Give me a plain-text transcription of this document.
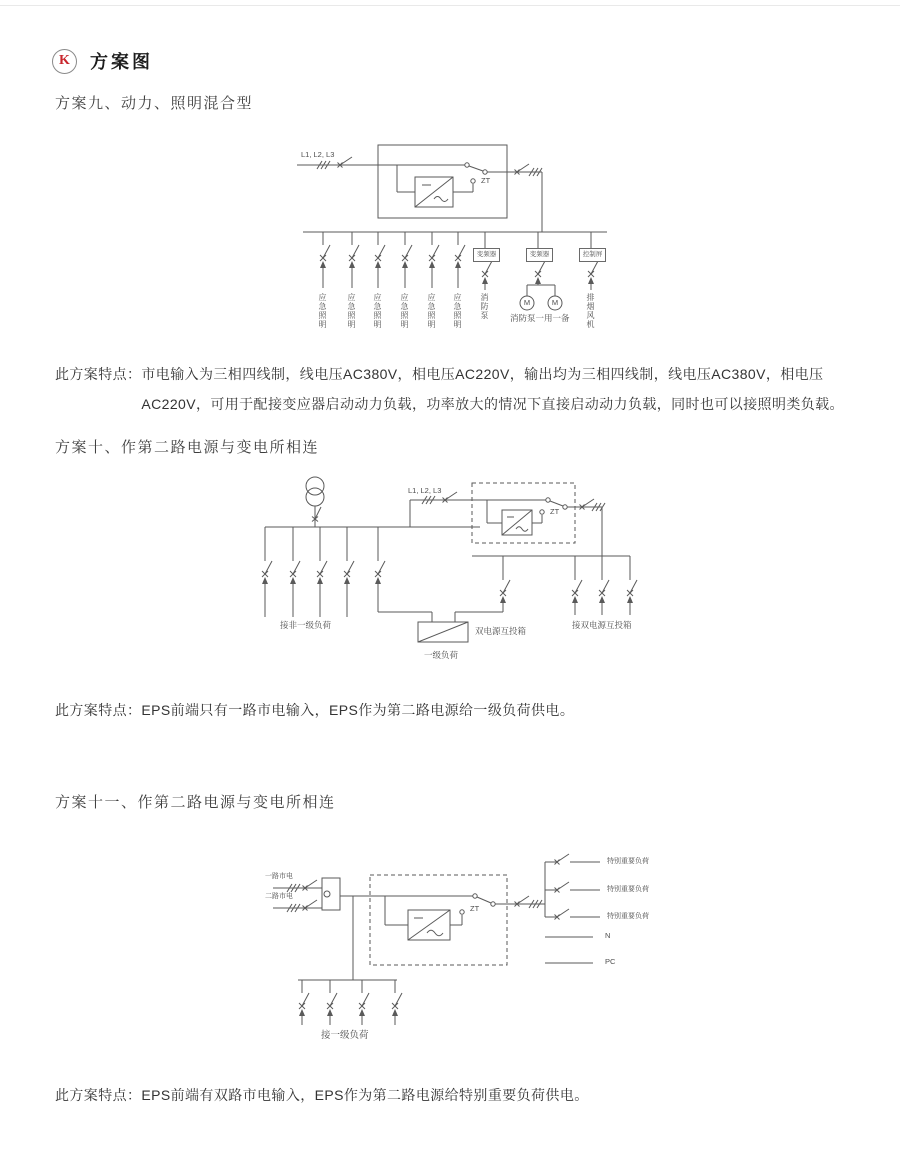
K 方案图
方案九、动力、照明混合型
L1, L2, L3
ZT
变频器	变频器	控制屏
应急照明	应急照明 应急照明 应急照明 应急照明 应急照明 消防泵	M	M
消防泵一用一备 排烟风机
此方案特点： 市电输入为三相四线制，线电压AC380V，相电压AC220V，输出均为三相四线制，线电压AC380V，相电压AC220V，可用于配接变应器启动动力负载，功率放大的情况下直接启动动力负载，同时也可以接照明类负载。
方案十、作第二路电源与变电所相连
L1, L2, L3
ZT
接非一级负荷
双电源互投箱
一级负荷
接双电源互投箱
此方案特点： EPS前端只有一路市电输入，EPS作为第二路电源给一级负荷供电。
方案十一、作第二路电源与变电所相连
一路市电
二路市电
ZT
特别重要负荷
特别重要负荷
特别重要负荷
N
PC
接一级负荷
此方案特点： EPS前端有双路市电输入，EPS作为第二路电源给特别重要负荷供电。
